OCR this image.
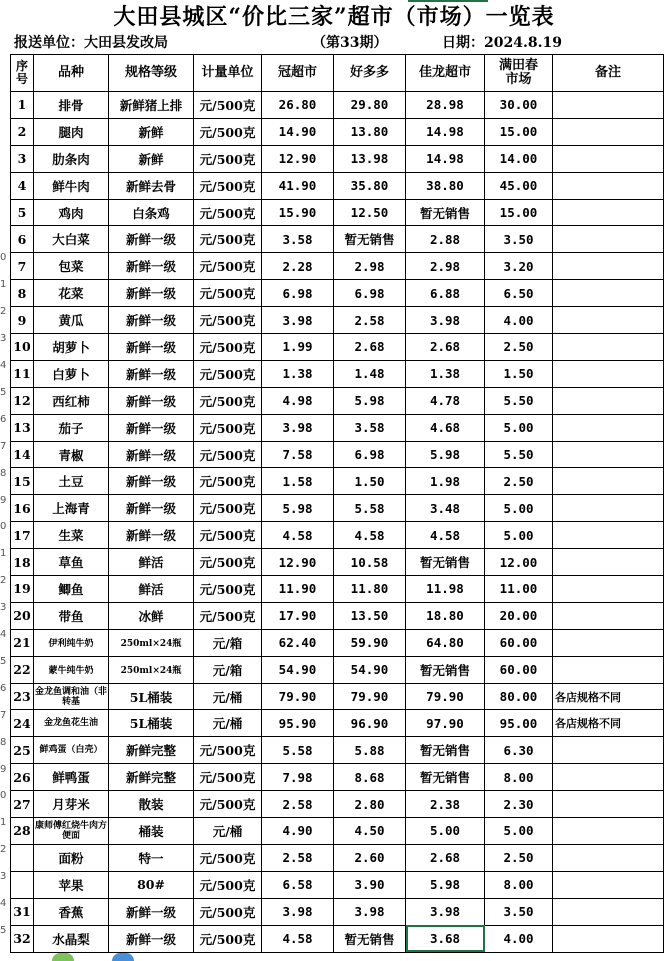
大田县城区“价比三家”超市（市场）一览表
报送单位：大田县发改局	（第33期）	日期：2024.8.19
0
1
2
3
4
5
6
7
8
9
0
1
2
3
4
5
6
7
8
9
0
1
2
3
4
5
序号	品种	规格等级	计量单位	冠超市	好多多	佳龙超市	满田春市场	备注
1	排骨	新鲜猪上排	元/500克	26.80	29.80	28.98	30.00	
2	腿肉	新鲜	元/500克	14.90	13.80	14.98	15.00	
3	肋条肉	新鲜	元/500克	12.90	13.98	14.98	14.00	
4	鲜牛肉	新鲜去骨	元/500克	41.90	35.80	38.80	45.00	
5	鸡肉	白条鸡	元/500克	15.90	12.50	暂无销售	15.00	
6	大白菜	新鲜一级	元/500克	3.58	暂无销售	2.88	3.50	
7	包菜	新鲜一级	元/500克	2.28	2.98	2.98	3.20	
8	花菜	新鲜一级	元/500克	6.98	6.98	6.88	6.50	
9	黄瓜	新鲜一级	元/500克	3.98	2.58	3.98	4.00	
10	胡萝卜	新鲜一级	元/500克	1.99	2.68	2.68	2.50	
11	白萝卜	新鲜一级	元/500克	1.38	1.48	1.38	1.50	
12	西红柿	新鲜一级	元/500克	4.98	5.98	4.78	5.50	
13	茄子	新鲜一级	元/500克	3.98	3.58	4.68	5.00	
14	青椒	新鲜一级	元/500克	7.58	6.98	5.98	5.50	
15	土豆	新鲜一级	元/500克	1.58	1.50	1.98	2.50	
16	上海青	新鲜一级	元/500克	5.98	5.58	3.48	5.00	
17	生菜	新鲜一级	元/500克	4.58	4.58	4.58	5.00	
18	草鱼	鲜活	元/500克	12.90	10.58	暂无销售	12.00	
19	鲫鱼	鲜活	元/500克	11.90	11.80	11.98	11.00	
20	带鱼	冰鲜	元/500克	17.90	13.50	18.80	20.00	
21	伊利纯牛奶	250ml×24瓶	元/箱	62.40	59.90	64.80	60.00	
22	蒙牛纯牛奶	250ml×24瓶	元/箱	54.90	54.90	暂无销售	60.00	
23	金龙鱼调和油（非转基	5L桶装	元/桶	79.90	79.90	79.90	80.00	各店规格不同
24	金龙鱼花生油	5L桶装	元/桶	95.90	96.90	97.90	95.00	各店规格不同
25	鲜鸡蛋（白壳）	新鲜完整	元/500克	5.58	5.88	暂无销售	6.30	
26	鲜鸭蛋	新鲜完整	元/500克	7.98	8.68	暂无销售	8.00	
27	月芽米	散装	元/500克	2.58	2.80	2.38	2.30	
28	康师傅红烧牛肉方便面	桶装	元/桶	4.90	4.50	5.00	5.00	
	面粉	特一	元/500克	2.58	2.60	2.68	2.50	
	苹果	80#	元/500克	6.58	3.90	5.98	8.00	
31	香蕉	新鲜一级	元/500克	3.98	3.98	3.98	3.50	
32	水晶梨	新鲜一级	元/500克	4.58	暂无销售	3.68	4.00	
